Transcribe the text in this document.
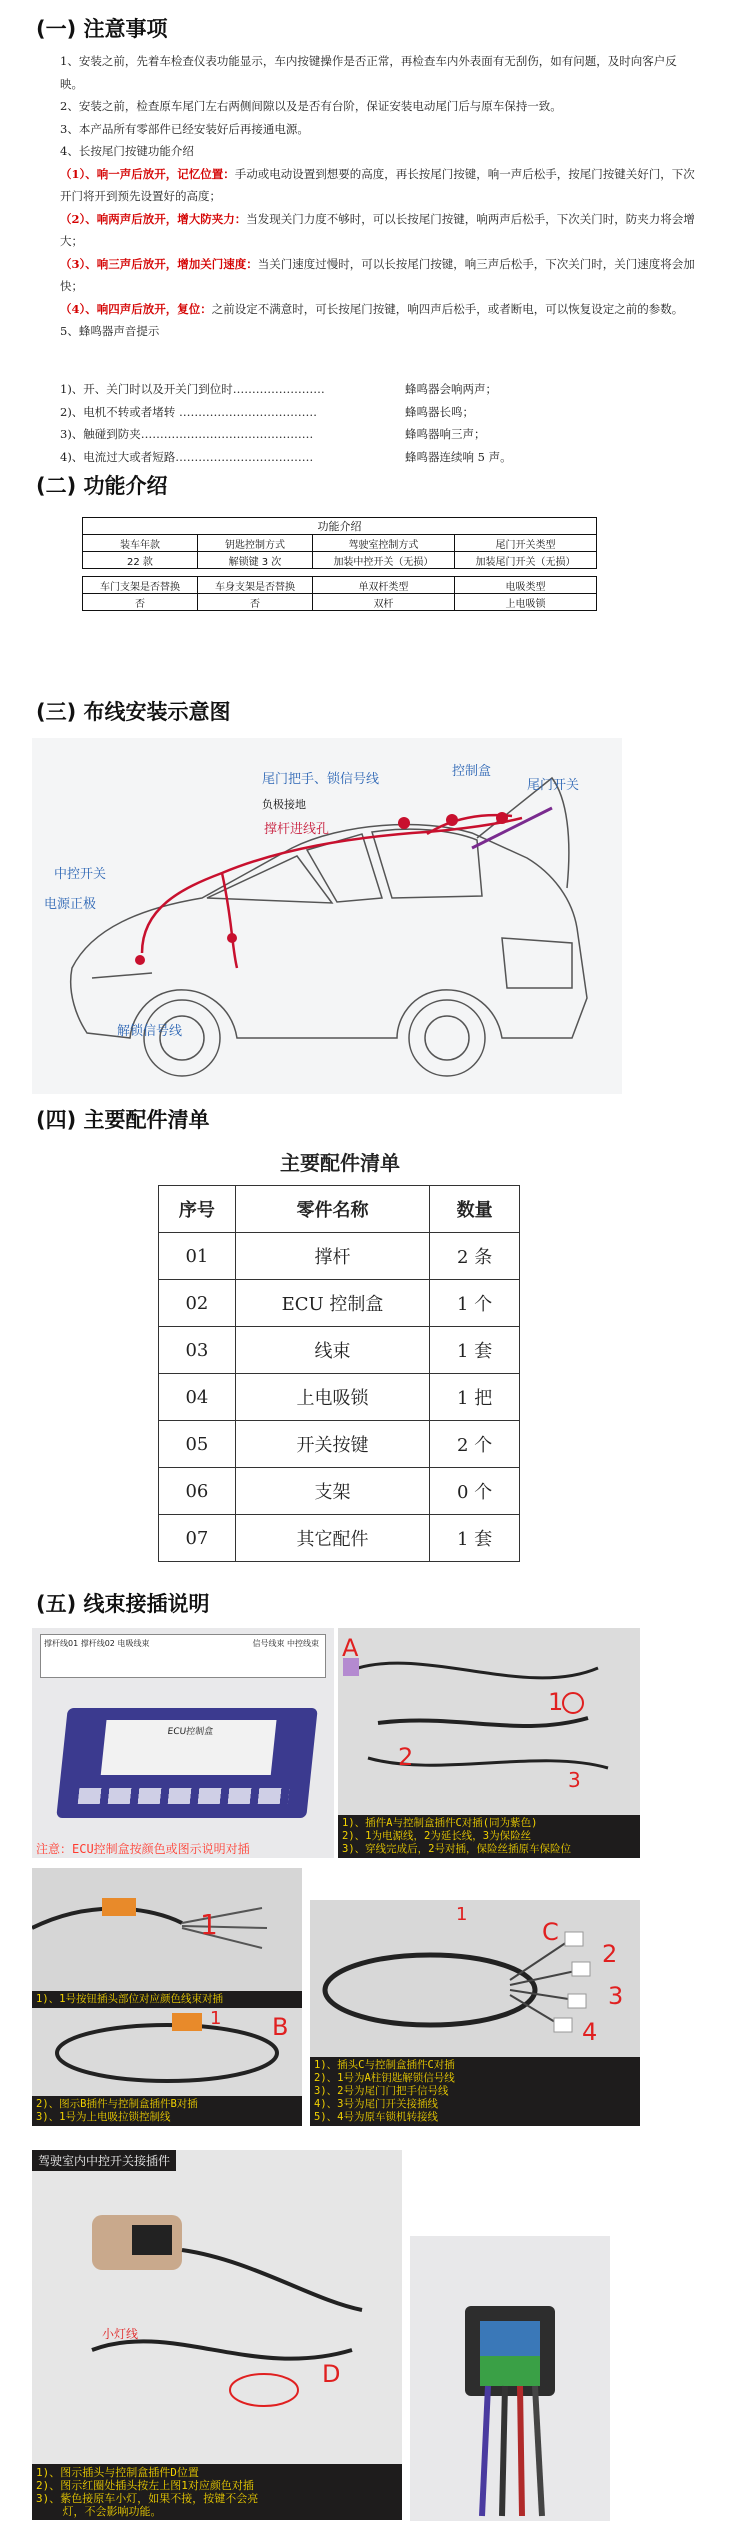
(一) 注意事项

1、安装之前，先着车检查仪表功能显示，车内按键操作是否正常，再检查车内外表面有无刮伤，如有问题，及时向客户反映。

2、安装之前，检查原车尾门左右两侧间隙以及是否有台阶，保证安装电动尾门后与原车保持一致。

3、本产品所有零部件已经安装好后再接通电源。

4、长按尾门按键功能介绍

（1）、响一声后放开，记忆位置：手动或电动设置到想要的高度，再长按尾门按键，响一声后松手，按尾门按键关好门，下次开门将开到预先设置好的高度；

（2）、响两声后放开，增大防夹力：当发现关门力度不够时，可以长按尾门按键，响两声后松手，下次关门时，防夹力将会增大；

（3）、响三声后放开，增加关门速度：当关门速度过慢时，可以长按尾门按键，响三声后松手，下次关门时，关门速度将会加快；

（4）、响四声后放开，复位：之前设定不满意时，可长按尾门按键，响四声后松手，或者断电，可以恢复设定之前的参数。

5、蜂鸣器声音提示

1)、开、关门时以及开关门到位时……………………	蜂鸣器会响两声；
2)、电机不转或者堵转 ………………………………	蜂鸣器长鸣；
3)、触碰到防夹………………………………………	蜂鸣器响三声；
4)、电流过大或者短路………………………………	蜂鸣器连续响 5 声。
(二) 功能介绍
功能介绍			
装车年款	钥匙控制方式	驾驶室控制方式	尾门开关类型
22 款	解锁键 3 次	加装中控开关（无损）	加装尾门开关（无损）

车门支架是否替换	车身支架是否替换	单双杆类型	电吸类型
否	否	双杆	上电吸锁
(三) 布线安装示意图
尾门把手、锁信号线
控制盒
尾门开关
负极接地
撑杆进线孔
中控开关
电源正极
解锁信号线
(四) 主要配件清单
主要配件清单
序号	零件名称	数量
01	撑杆	2 条
02	ECU 控制盒	1 个
03	线束	1 套
04	上电吸锁	1 把
05	开关按键	2 个
06	支架	0 个
07	其它配件	1 套
(五) 线束接插说明
撑杆线01 撑杆线02 电吸线束	信号线束 中控线束
ECU控制盒
注意：ECU控制盒按颜色或图示说明对插
A
1
2
3
1)、插件A与控制盒插件C对插(同为紫色)
2)、1为电源线，2为延长线，3为保险丝
3)、穿线完成后，2号对插，保险丝插原车保险位
1
1)、1号按钮插头部位对应颜色线束对插
B
1
2)、图示B插件与控制盒插件B对插
3)、1号为上电吸拉锁控制线
C
1
2
3
4
1)、插头C与控制盒插件C对插
2)、1号为A柱钥匙解锁信号线
3)、2号为尾门门把手信号线
4)、3号为尾门开关接插线
5)、4号为原车锁机转接线
驾驶室内中控开关接插件
小灯线
D
1)、图示插头与控制盒插件D位置
2)、图示红圈处插头按左上图1对应颜色对插
3)、紫色接原车小灯，如果不接，按键不会亮
灯，不会影响功能。
